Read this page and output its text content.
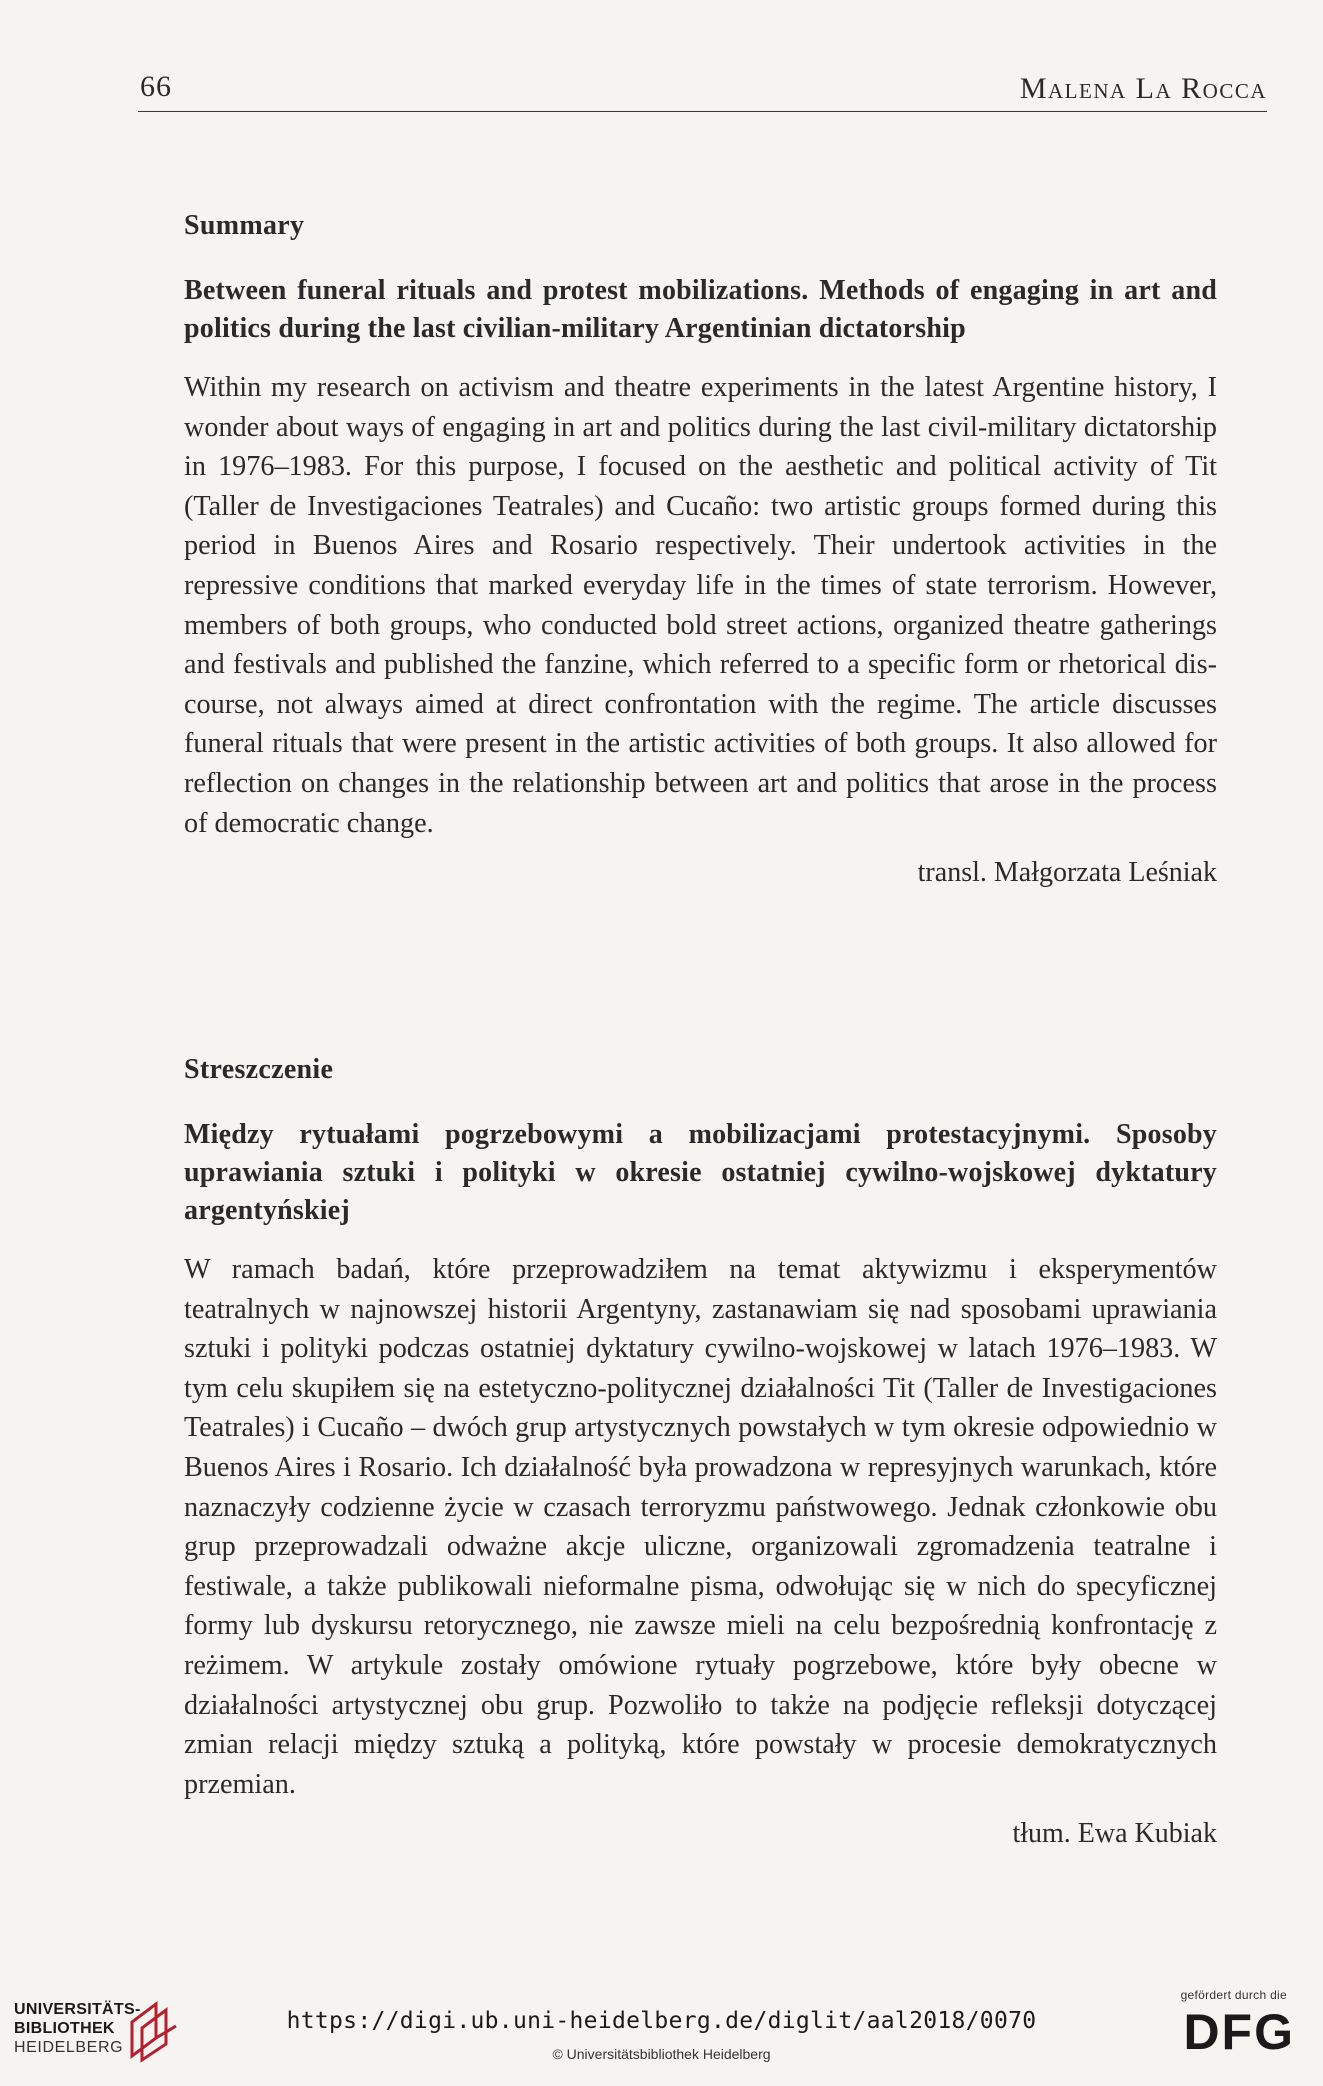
66	Malena La Rocca
Summary
Between funeral rituals and protest mobilizations. Methods of engaging in art and politics during the last civilian-military Argentinian dictatorship

Within my research on activism and theatre experiments in the latest Argentine history, I wonder about ways of engaging in art and politics during the last civil-military dictatorship in 1976–1983. For this purpose, I focused on the aesthetic and political activity of Tit (Taller de Investigaciones Teatrales) and Cucaño: two artistic groups formed during this period in Buenos Aires and Rosario respectively. Their undertook activities in the repressive conditions that marked everyday life in the times of state terrorism. However, members of both groups, who conducted bold street actions, organized theatre gatherings and festivals and published the fanzine, which referred to a specific form or rhetorical discourse, not always aimed at direct confrontation with the regime. The article discusses funeral rituals that were present in the artistic activities of both groups. It also allowed for reflection on changes in the relationship between art and politics that arose in the process of democratic change.

transl. Małgorzata Leśniak
Streszczenie
Między rytuałami pogrzebowymi a mobilizacjami protestacyjnymi. Sposoby uprawiania sztuki i polityki w okresie ostatniej cywilno-wojskowej dyktatury argentyńskiej

W ramach badań, które przeprowadziłem na temat aktywizmu i eksperymentów teatralnych w najnowszej historii Argentyny, zastanawiam się nad sposobami uprawiania sztuki i polityki podczas ostatniej dyktatury cywilno-wojskowej w latach 1976–1983. W tym celu skupiłem się na estetyczno-politycznej działalności Tit (Taller de Investigaciones Teatrales) i Cucaño – dwóch grup artystycznych powstałych w tym okresie odpowiednio w Buenos Aires i Rosario. Ich działalność była prowadzona w represyjnych warunkach, które naznaczyły codzienne życie w czasach terroryzmu państwowego. Jednak członkowie obu grup przeprowadzali odważne akcje uliczne, organizowali zgromadzenia teatralne i festiwale, a także publikowali nieformalne pisma, odwołując się w nich do specyficznej formy lub dyskursu retorycznego, nie zawsze mieli na celu bezpośrednią konfrontację z reżimem. W artykule zostały omówione rytuały pogrzebowe, które były obecne w działalności artystycznej obu grup. Pozwoliło to także na podjęcie refleksji dotyczącej zmian relacji między sztuką a polityką, które powstały w procesie demokratycznych przemian.

tłum. Ewa Kubiak
UNIVERSITÄTS-
BIBLIOTHEK
HEIDELBERG
https://digi.ub.uni-heidelberg.de/diglit/aal2018/0070
© Universitätsbibliothek Heidelberg
gefördert durch die
DFG
